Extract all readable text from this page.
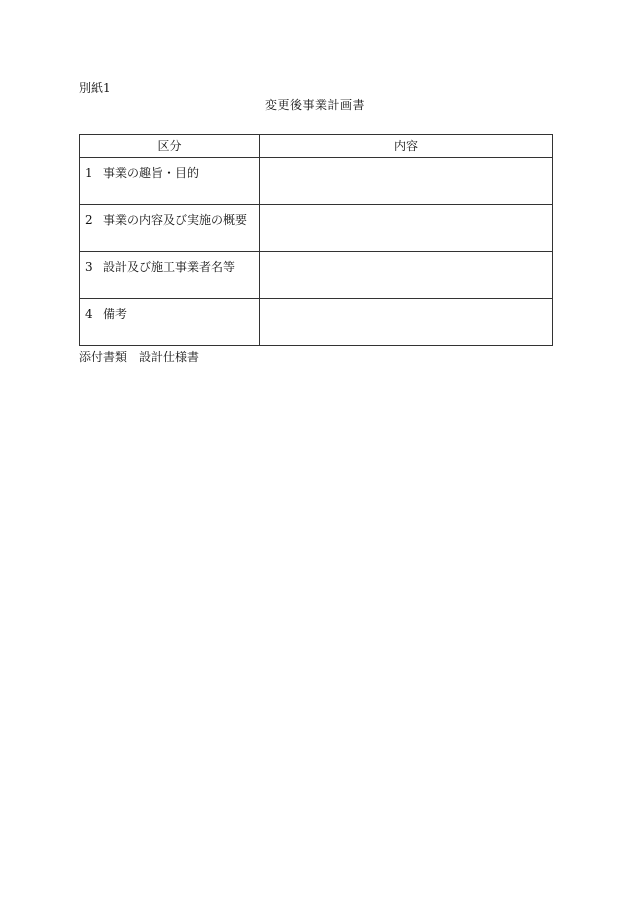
別紙1
変更後事業計画書
区分	内容

1 事業の趣旨・目的	

2 事業の内容及び実施の概要	

3 設計及び施工事業者名等	

4 備考	

添付書類　設計仕様書
